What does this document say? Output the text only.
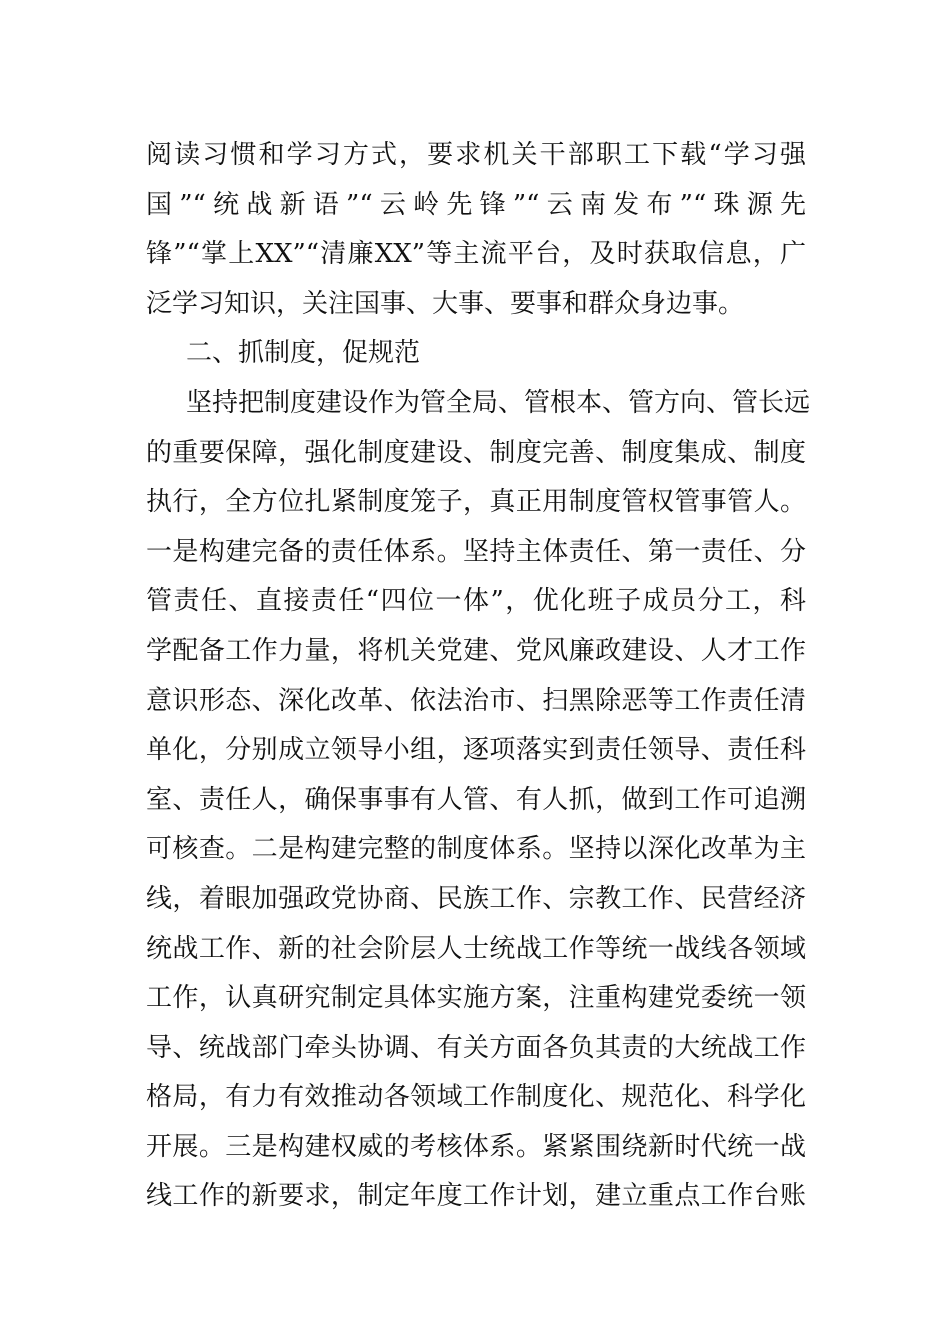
阅读习惯和学习方式，要求机关干部职工下载“学习强
国”“统战新语”“云岭先锋”“云南发布”“珠源先
锋”“掌上XX”“清廉XX”等主流平台，及时获取信息，广
泛学习知识，关注国事、大事、要事和群众身边事。
二、抓制度，促规范
坚持把制度建设作为管全局、管根本、管方向、管长远
的重要保障，强化制度建设、制度完善、制度集成、制度
执行，全方位扎紧制度笼子，真正用制度管权管事管人。
一是构建完备的责任体系。坚持主体责任、第一责任、分
管责任、直接责任“四位一体”，优化班子成员分工，科
学配备工作力量，将机关党建、党风廉政建设、人才工作
意识形态、深化改革、依法治市、扫黑除恶等工作责任清
单化，分别成立领导小组，逐项落实到责任领导、责任科
室、责任人，确保事事有人管、有人抓，做到工作可追溯
可核查。二是构建完整的制度体系。坚持以深化改革为主
线，着眼加强政党协商、民族工作、宗教工作、民营经济
统战工作、新的社会阶层人士统战工作等统一战线各领域
工作，认真研究制定具体实施方案，注重构建党委统一领
导、统战部门牵头协调、有关方面各负其责的大统战工作
格局，有力有效推动各领域工作制度化、规范化、科学化
开展。三是构建权威的考核体系。紧紧围绕新时代统一战
线工作的新要求，制定年度工作计划，建立重点工作台账
